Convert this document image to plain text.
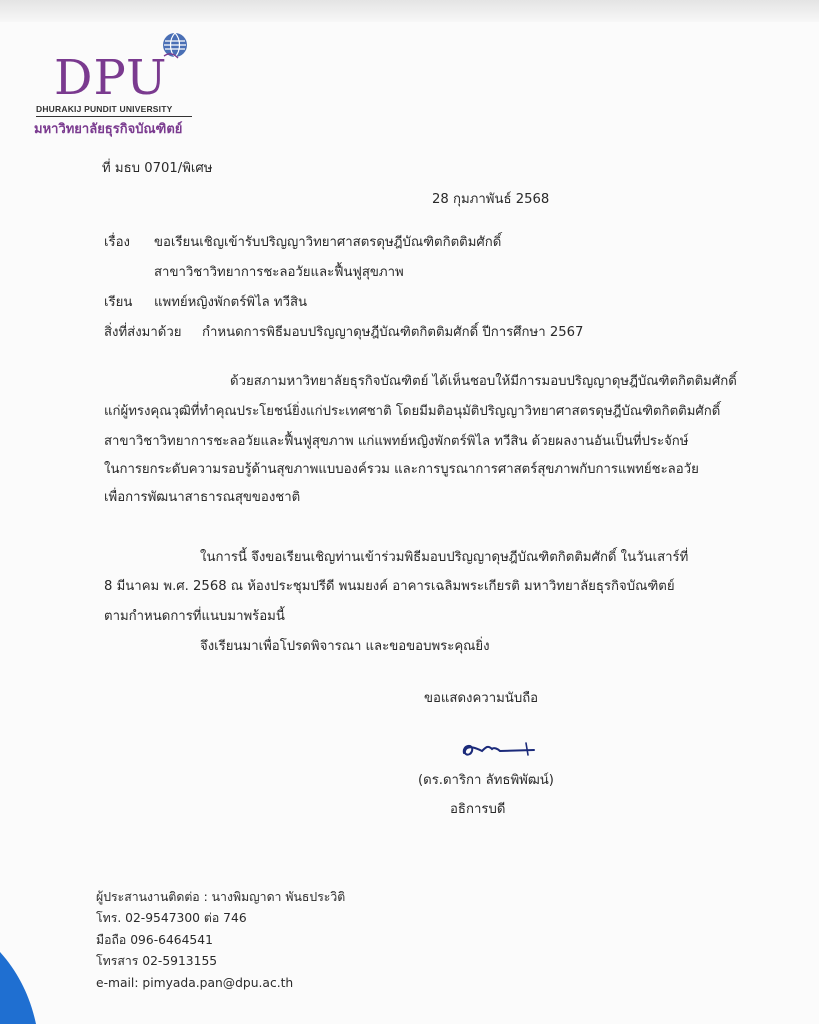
DPU
DHURAKIJ PUNDIT UNIVERSITY
มหาวิทยาลัยธุรกิจบัณฑิตย์
ที่ มธบ 0701/พิเศษ
28 กุมภาพันธ์ 2568
เรื่อง ขอเรียนเชิญเข้ารับปริญญาวิทยาศาสตรดุษฎีบัณฑิตกิตติมศักดิ์
สาขาวิชาวิทยาการชะลอวัยและฟื้นฟูสุขภาพ
เรียน แพทย์หญิงพักตร์พิไล ทวีสิน
สิ่งที่ส่งมาด้วย กำหนดการพิธีมอบปริญญาดุษฎีบัณฑิตกิตติมศักดิ์ ปีการศึกษา 2567
ด้วยสภามหาวิทยาลัยธุรกิจบัณฑิตย์ ได้เห็นชอบให้มีการมอบปริญญาดุษฎีบัณฑิตกิตติมศักดิ์
แก่ผู้ทรงคุณวุฒิที่ทำคุณประโยชน์ยิ่งแก่ประเทศชาติ โดยมีมติอนุมัติปริญญาวิทยาศาสตรดุษฎีบัณฑิตกิตติมศักดิ์
สาขาวิชาวิทยาการชะลอวัยและฟื้นฟูสุขภาพ แก่แพทย์หญิงพักตร์พิไล ทวีสิน ด้วยผลงานอันเป็นที่ประจักษ์
ในการยกระดับความรอบรู้ด้านสุขภาพแบบองค์รวม และการบูรณาการศาสตร์สุขภาพกับการแพทย์ชะลอวัย
เพื่อการพัฒนาสาธารณสุขของชาติ
ในการนี้ จึงขอเรียนเชิญท่านเข้าร่วมพิธีมอบปริญญาดุษฎีบัณฑิตกิตติมศักดิ์ ในวันเสาร์ที่
8 มีนาคม พ.ศ. 2568 ณ ห้องประชุมปรีดี พนมยงค์ อาคารเฉลิมพระเกียรติ มหาวิทยาลัยธุรกิจบัณฑิตย์
ตามกำหนดการที่แนบมาพร้อมนี้
จึงเรียนมาเพื่อโปรดพิจารณา และขอขอบพระคุณยิ่ง
ขอแสดงความนับถือ
(ดร.ดาริกา ลัทธพิพัฒน์)
อธิการบดี
ผู้ประสานงานติดต่อ : นางพิมญาดา พันธประวิติ
โทร. 02-9547300 ต่อ 746
มือถือ 096-6464541
โทรสาร 02-5913155
e-mail: pimyada.pan@dpu.ac.th
